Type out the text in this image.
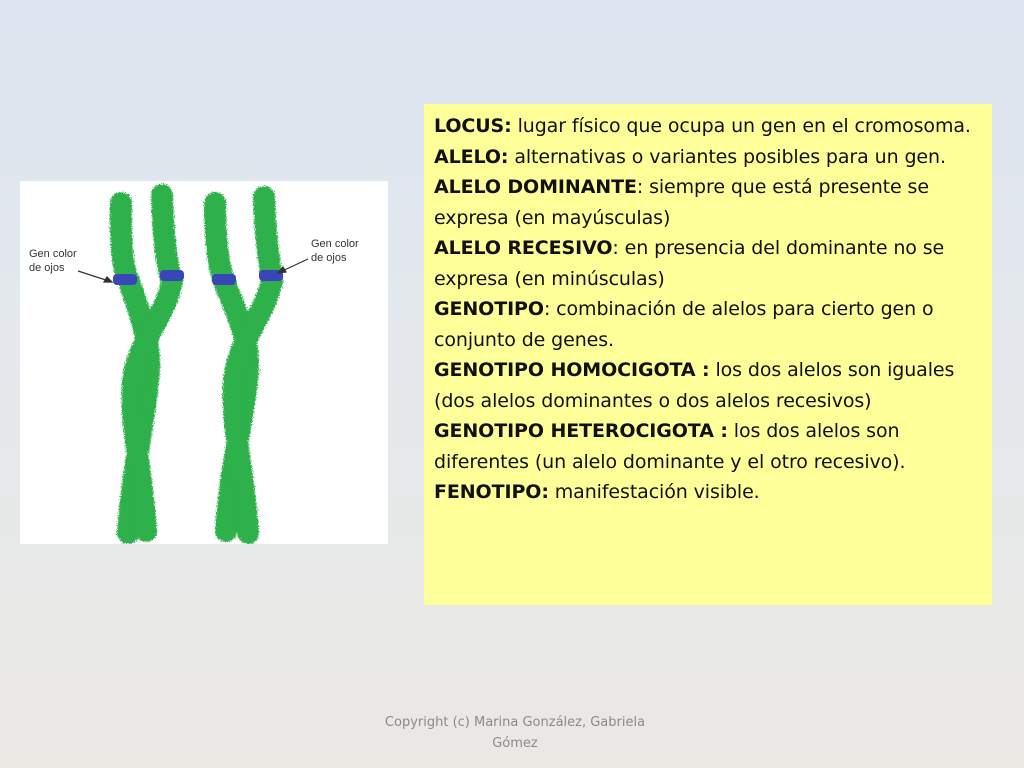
Gen color
de ojos
Gen color
de ojos

LOCUS: lugar físico que ocupa un gen en el cromosoma.

ALELO: alternativas o variantes posibles para un gen.

ALELO DOMINANTE: siempre que está presente se expresa (en mayúsculas)

ALELO RECESIVO: en presencia del dominante no se expresa (en minúsculas)

GENOTIPO: combinación de alelos para cierto gen o conjunto de genes.

GENOTIPO HOMOCIGOTA : los dos alelos son iguales (dos alelos dominantes o dos alelos recesivos)

GENOTIPO HETEROCIGOTA : los dos alelos son diferentes (un alelo dominante y el otro recesivo).

FENOTIPO: manifestación visible.

Copyright (c) Marina González, Gabriela Gómez
